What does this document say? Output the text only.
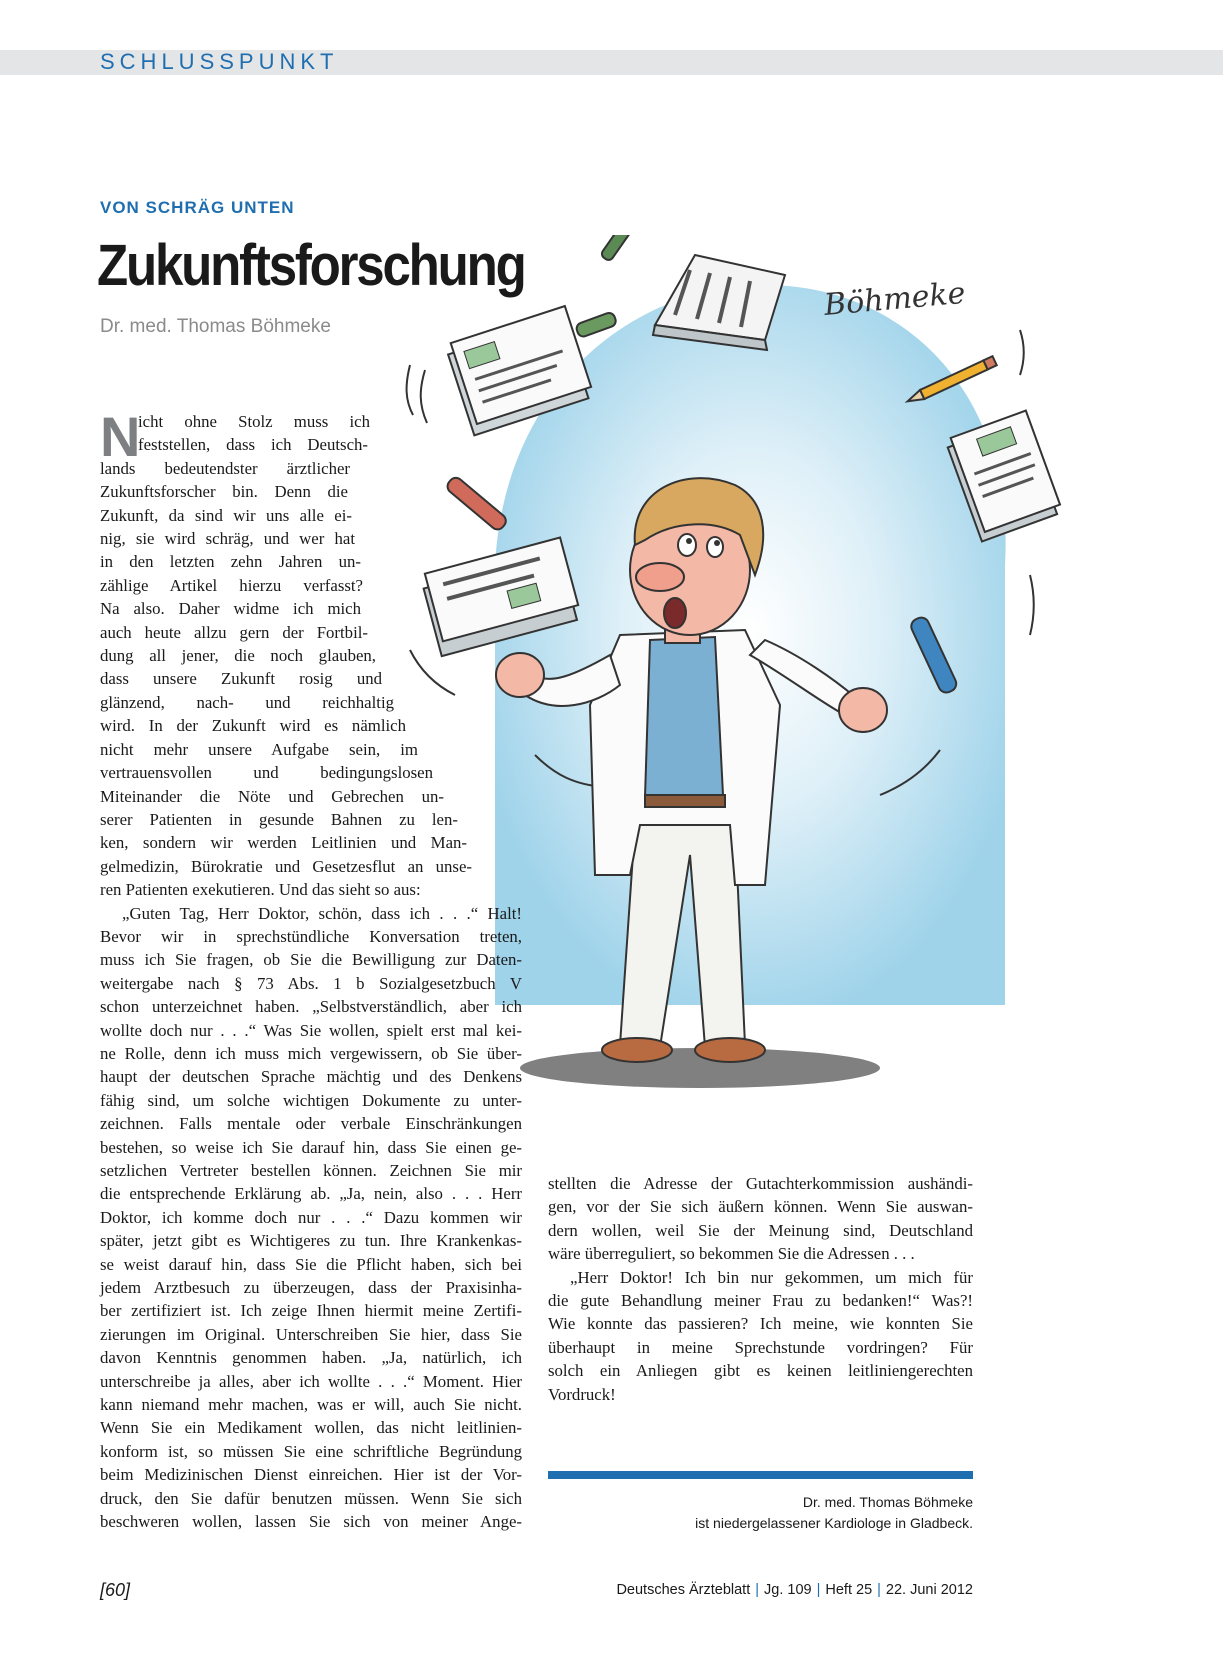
SCHLUSSPUNKT
VON SCHRÄG UNTEN
Zukunftsforschung
Dr. med. Thomas Böhmeke
Böhmeke
N
icht ohne Stolz muss ich
feststellen, dass ich Deutsch-
lands bedeutendster ärztlicher
Zukunftsforscher bin. Denn die
Zukunft, da sind wir uns alle ei-
nig, sie wird schräg, und wer hat
in den letzten zehn Jahren un-
zählige Artikel hierzu verfasst?
Na also. Daher widme ich mich
auch heute allzu gern der Fortbil-
dung all jener, die noch glauben,
dass unsere Zukunft rosig und
glänzend, nach- und reichhaltig
wird. In der Zukunft wird es nämlich
nicht mehr unsere Aufgabe sein, im
vertrauensvollen und bedingungslosen
Miteinander die Nöte und Gebrechen un-
serer Patienten in gesunde Bahnen zu len-
ken, sondern wir werden Leitlinien und Man-
gelmedizin, Bürokratie und Gesetzesflut an unse-
ren Patienten exekutieren. Und das sieht so aus:
„Guten Tag, Herr Doktor, schön, dass ich . . .“ Halt!
Bevor wir in sprechstündliche Konversation treten,
muss ich Sie fragen, ob Sie die Bewilligung zur Daten-
weitergabe nach § 73 Abs. 1 b Sozialgesetzbuch V
schon unterzeichnet haben. „Selbstverständlich, aber ich
wollte doch nur . . .“ Was Sie wollen, spielt erst mal kei-
ne Rolle, denn ich muss mich vergewissern, ob Sie über-
haupt der deutschen Sprache mächtig und des Denkens
fähig sind, um solche wichtigen Dokumente zu unter-
zeichnen. Falls mentale oder verbale Einschränkungen
bestehen, so weise ich Sie darauf hin, dass Sie einen ge-
setzlichen Vertreter bestellen können. Zeichnen Sie mir
die entsprechende Erklärung ab. „Ja, nein, also . . . Herr
Doktor, ich komme doch nur . . .“ Dazu kommen wir
später, jetzt gibt es Wichtigeres zu tun. Ihre Krankenkas-
se weist darauf hin, dass Sie die Pflicht haben, sich bei
jedem Arztbesuch zu überzeugen, dass der Praxisinha-
ber zertifiziert ist. Ich zeige Ihnen hiermit meine Zertifi-
zierungen im Original. Unterschreiben Sie hier, dass Sie
davon Kenntnis genommen haben. „Ja, natürlich, ich
unterschreibe ja alles, aber ich wollte . . .“ Moment. Hier
kann niemand mehr machen, was er will, auch Sie nicht.
Wenn Sie ein Medikament wollen, das nicht leitlinien-
konform ist, so müssen Sie eine schriftliche Begründung
beim Medizinischen Dienst einreichen. Hier ist der Vor-
druck, den Sie dafür benutzen müssen. Wenn Sie sich
beschweren wollen, lassen Sie sich von meiner Ange-
stellten die Adresse der Gutachterkommission aushändi-
gen, vor der Sie sich äußern können. Wenn Sie auswan-
dern wollen, weil Sie der Meinung sind, Deutschland
wäre überreguliert, so bekommen Sie die Adressen . . .
„Herr Doktor! Ich bin nur gekommen, um mich für
die gute Behandlung meiner Frau zu bedanken!“ Was?!
Wie konnte das passieren? Ich meine, wie konnten Sie
überhaupt in meine Sprechstunde vordringen? Für
solch ein Anliegen gibt es keinen leitliniengerechten
Vordruck!
Dr. med. Thomas Böhmeke
ist niedergelassener Kardiologe in Gladbeck.
[60]	Deutsches Ärzteblatt | Jg. 109 | Heft 25 | 22. Juni 2012
